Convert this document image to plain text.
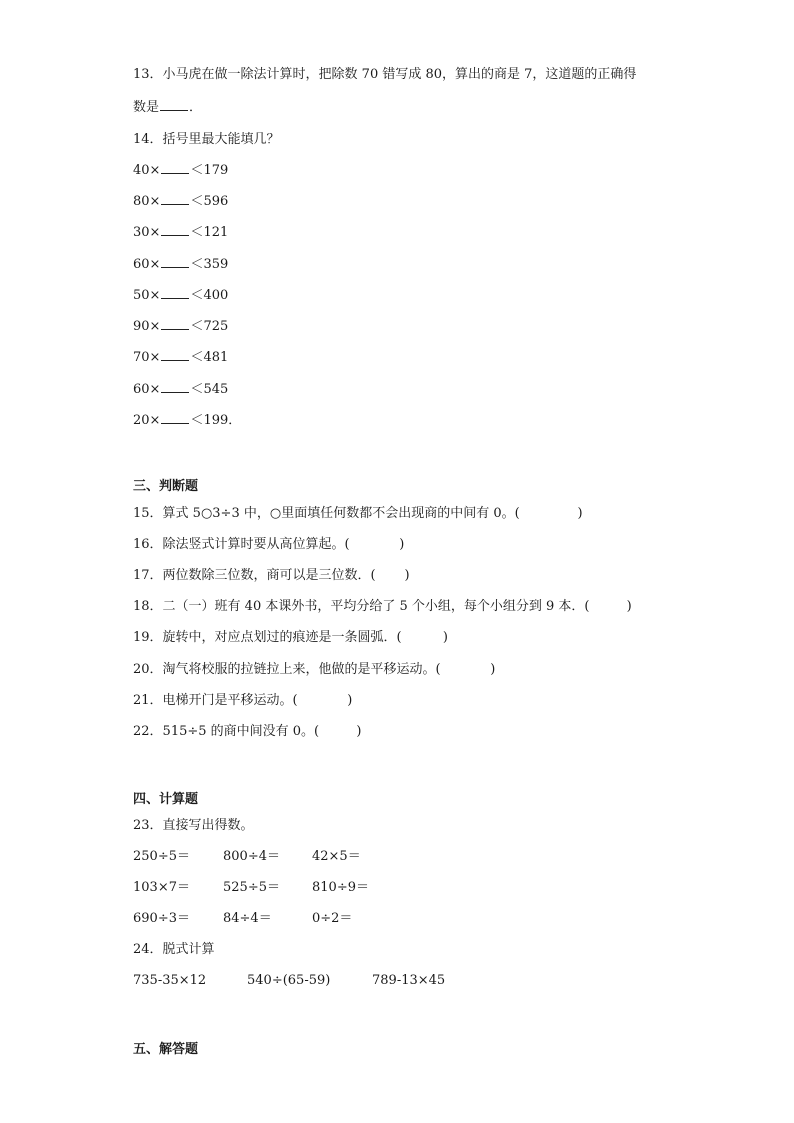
13．小马虎在做一除法计算时，把除数 70 错写成 80，算出的商是 7，这道题的正确得
数是 ．
14．括号里最大能填几？
40× ＜179
80× ＜596
30× ＜121
60× ＜359
50× ＜400
90× ＜725
70× ＜481
60× ＜545
20× ＜199．
三、判断题
15．算式 5○3÷3 中，○里面填任何数都不会出现商的中间有 0。(              )
16．除法竖式计算时要从高位算起。(            )
17．两位数除三位数，商可以是三位数．(       )
18．二（一）班有 40 本课外书，平均分给了 5 个小组，每个小组分到 9 本．(         )
19．旋转中，对应点划过的痕迹是一条圆弧．(          )
20．淘气将校服的拉链拉上来，他做的是平移运动。(            )
21．电梯开门是平移运动。(            )
22．515÷5 的商中间没有 0。(         )
四、计算题
23．直接写出得数。
250÷5＝	800÷4＝ 42×5＝
103×7＝	525÷5＝ 810÷9＝
690÷3＝	84÷4＝	0÷2＝
24．脱式计算
735-35×12	540÷(65-59)	789-13×45
五、解答题
